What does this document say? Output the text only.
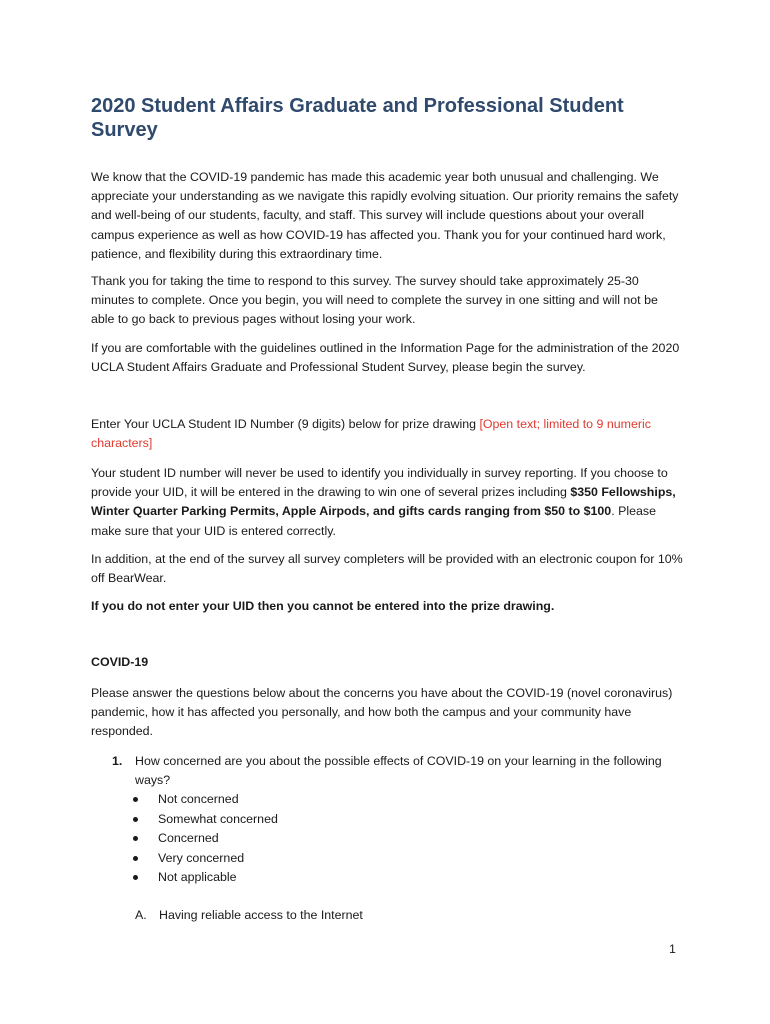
2020 Student Affairs Graduate and Professional Student Survey

We know that the COVID-19 pandemic has made this academic year both unusual and challenging. We appreciate your understanding as we navigate this rapidly evolving situation. Our priority remains the safety and well-being of our students, faculty, and staff. This survey will include questions about your overall campus experience as well as how COVID-19 has affected you. Thank you for your continued hard work, patience, and flexibility during this extraordinary time.

Thank you for taking the time to respond to this survey. The survey should take approximately 25-30 minutes to complete. Once you begin, you will need to complete the survey in one sitting and will not be able to go back to previous pages without losing your work.

If you are comfortable with the guidelines outlined in the Information Page for the administration of the 2020 UCLA Student Affairs Graduate and Professional Student Survey, please begin the survey.

Enter Your UCLA Student ID Number (9 digits) below for prize drawing [Open text; limited to 9 numeric characters]

Your student ID number will never be used to identify you individually in survey reporting. If you choose to provide your UID, it will be entered in the drawing to win one of several prizes including $350 Fellowships, Winter Quarter Parking Permits, Apple Airpods, and gifts cards ranging from $50 to $100. Please make sure that your UID is entered correctly.

In addition, at the end of the survey all survey completers will be provided with an electronic coupon for 10% off BearWear.

If you do not enter your UID then you cannot be entered into the prize drawing.

COVID-19

Please answer the questions below about the concerns you have about the COVID-19 (novel coronavirus) pandemic, how it has affected you personally, and how both the campus and your community have responded.

1. How concerned are you about the possible effects of COVID-19 on your learning in the following ways?
Not concerned
Somewhat concerned
Concerned
Very concerned
Not applicable
A. Having reliable access to the Internet
1
